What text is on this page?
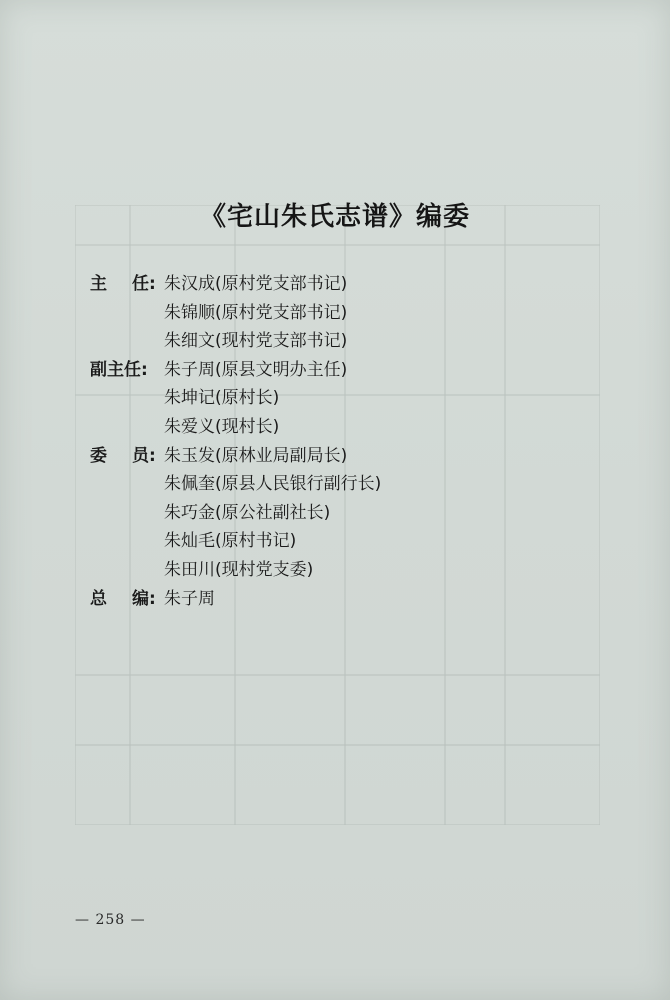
《宅山朱氏志谱》编委
主 任: 朱汉成(原村党支部书记)
朱锦顺(原村党支部书记)
朱细文(现村党支部书记)
副主任: 朱子周(原县文明办主任)
朱坤记(原村长)
朱爱义(现村长)
委 员: 朱玉发(原林业局副局长)
朱佩奎(原县人民银行副行长)
朱巧金(原公社副社长)
朱灿毛(原村书记)
朱田川(现村党支委)
总 编: 朱子周
— 258 —
